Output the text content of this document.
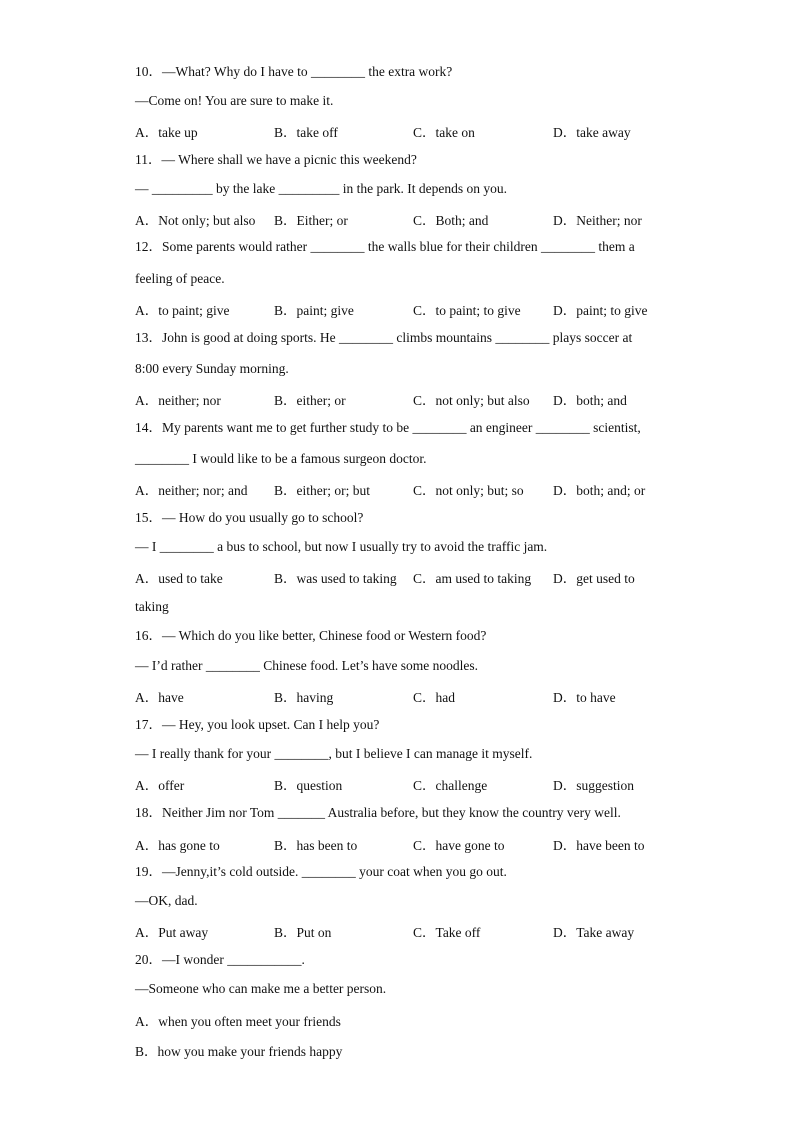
10．—What? Why do I have to ________ the extra work?
—Come on! You are sure to make it.
A．take up	B．take off	C．take on	D．take away
11．— Where shall we have a picnic this weekend?
— _________ by the lake _________ in the park. It depends on you.
A．Not only; but also B．Either; or	C．Both; and	D．Neither; nor
12．Some parents would rather ________ the walls blue for their children ________ them a
feeling of peace.
A．to paint; give	B．paint; give	C．to paint; to give D．paint; to give
13．John is good at doing sports. He ________ climbs mountains ________ plays soccer at
8:00 every Sunday morning.
A．neither; nor	B．either; or	C．not only; but also D．both; and
14．My parents want me to get further study to be ________ an engineer ________ scientist,
________ I would like to be a famous surgeon doctor.
A．neither; nor; and B．either; or; but	C．not only; but; so D．both; and; or
15．— How do you usually go to school?
— I ________ a bus to school, but now I usually try to avoid the traffic jam.
A．used to take	B．was used to taking C．am used to taking D．get used to
taking
16．— Which do you like better, Chinese food or Western food?
— I’d rather ________ Chinese food. Let’s have some noodles.
A．have	B．having	C．had	D．to have
17．— Hey, you look upset. Can I help you?
— I really thank for your ________, but I believe I can manage it myself.
A．offer	B．question	C．challenge	D．suggestion
18．Neither Jim nor Tom _______ Australia before, but they know the country very well.
A．has gone to	B．has been to	C．have gone to	D．have been to
19．—Jenny,it’s cold outside. ________ your coat when you go out.
—OK, dad.
A．Put away	B．Put on	C．Take off	D．Take away
20．—I wonder ___________.
—Someone who can make me a better person.
A．when you often meet your friends
B．how you make your friends happy
